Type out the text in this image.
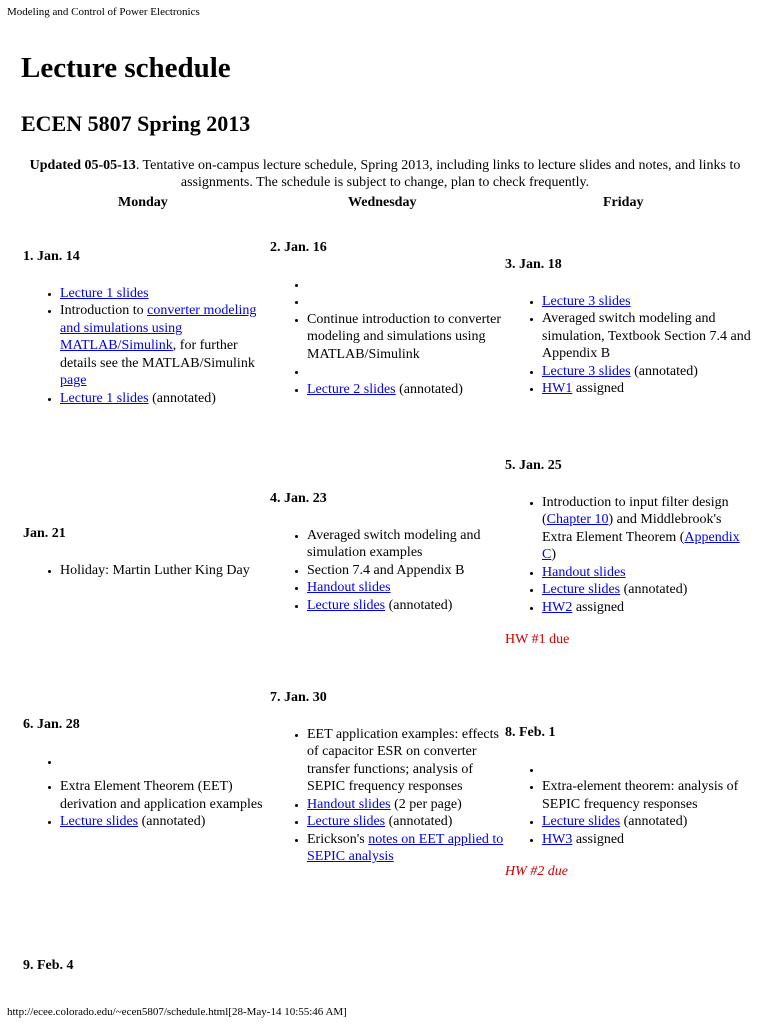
Modeling and Control of Power Electronics
Lecture schedule
ECEN 5807 Spring 2013
Updated 05-05-13. Tentative on-campus lecture schedule, Spring 2013, including links to lecture slides and notes, and links to assignments. The schedule is subject to change, plan to check frequently.
Monday	Wednesday	Friday
1. Jan. 14
• Lecture 1 slides
• Introduction to converter modeling and simulations using MATLAB/Simulink, for further details see the MATLAB/Simulink page
• Lecture 1 slides (annotated)
2. Jan. 16
•
•
• Continue introduction to converter modeling and simulations using MATLAB/Simulink
•
• Lecture 2 slides (annotated)
3. Jan. 18
• Lecture 3 slides
• Averaged switch modeling and simulation, Textbook Section 7.4 and Appendix B
• Lecture 3 slides (annotated)
• HW1 assigned
Jan. 21
• Holiday: Martin Luther King Day
4. Jan. 23
• Averaged switch modeling and simulation examples
• Section 7.4 and Appendix B
• Handout slides
• Lecture slides (annotated)
5. Jan. 25
• Introduction to input filter design (Chapter 10) and Middlebrook's Extra Element Theorem (Appendix C)
• Handout slides
• Lecture slides (annotated)
• HW2 assigned
HW #1 due
6. Jan. 28
•
• Extra Element Theorem (EET) derivation and application examples
• Lecture slides (annotated)
7. Jan. 30
• EET application examples: effects of capacitor ESR on converter transfer functions; analysis of SEPIC frequency responses
• Handout slides (2 per page)
• Lecture slides (annotated)
• Erickson's notes on EET applied to SEPIC analysis
8. Feb. 1
•
• Extra-element theorem: analysis of SEPIC frequency responses
• Lecture slides (annotated)
• HW3 assigned
HW #2 due
9. Feb. 4
http://ecee.colorado.edu/~ecen5807/schedule.html[28-May-14 10:55:46 AM]
